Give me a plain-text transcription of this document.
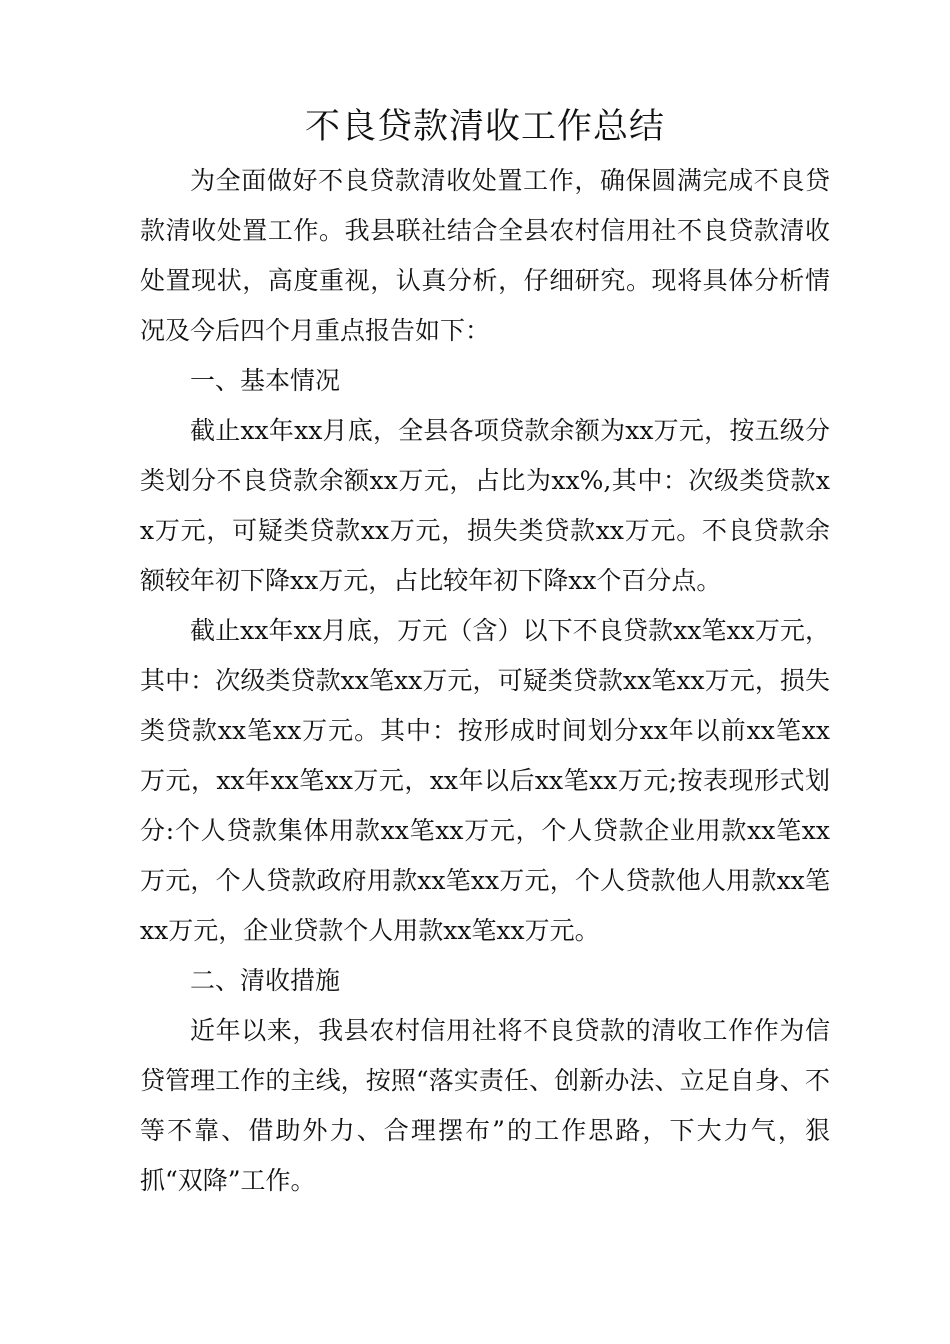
不良贷款清收工作总结

为全面做好不良贷款清收处置工作，确保圆满完成不良贷款清收处置工作。我县联社结合全县农村信用社不良贷款清收处置现状，高度重视，认真分析，仔细研究。现将具体分析情况及今后四个月重点报告如下：

一、基本情况

截止xx年xx月底，全县各项贷款余额为xx万元，按五级分类划分不良贷款余额xx万元，占比为xx%,其中：次级类贷款xx万元，可疑类贷款xx万元，损失类贷款xx万元。不良贷款余额较年初下降xx万元，占比较年初下降xx个百分点。

截止xx年xx月底，万元（含）以下不良贷款xx笔xx万元，其中：次级类贷款xx笔xx万元，可疑类贷款xx笔xx万元，损失类贷款xx笔xx万元。其中：按形成时间划分xx年以前xx笔xx万元，xx年xx笔xx万元，xx年以后xx笔xx万元;按表现形式划分:个人贷款集体用款xx笔xx万元，个人贷款企业用款xx笔xx万元，个人贷款政府用款xx笔xx万元，个人贷款他人用款xx笔xx万元，企业贷款个人用款xx笔xx万元。

二、清收措施

近年以来，我县农村信用社将不良贷款的清收工作作为信贷管理工作的主线，按照“落实责任、创新办法、立足自身、不等不靠、借助外力、合理摆布”的工作思路，下大力气，狠抓“双降”工作。
